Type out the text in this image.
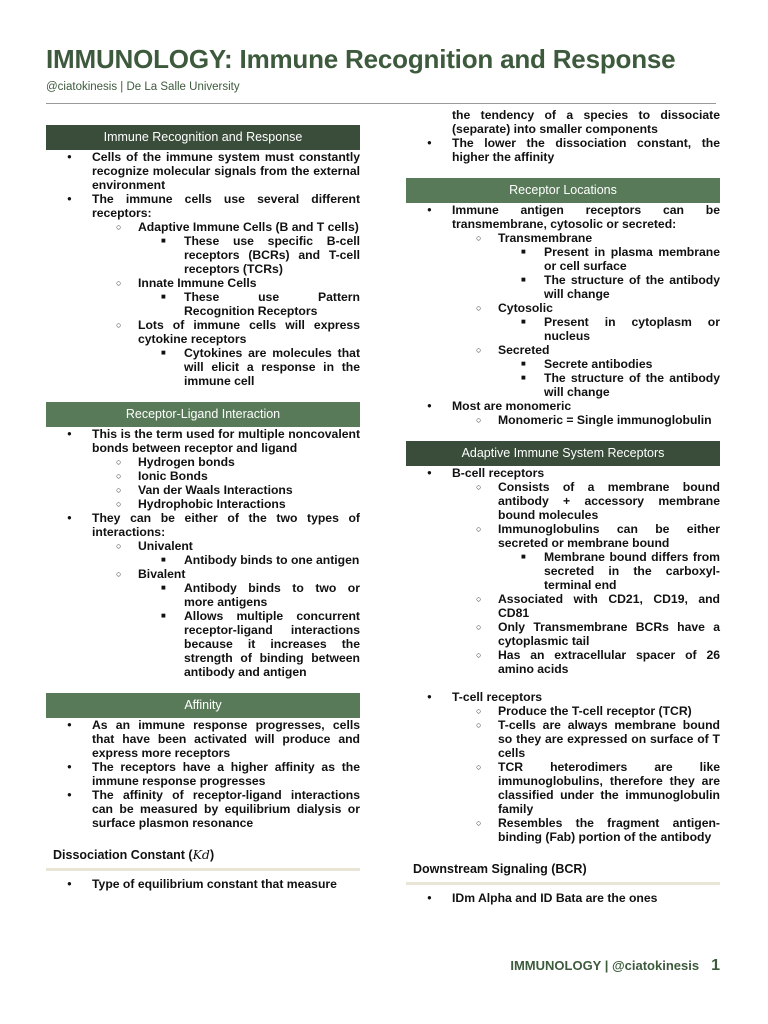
IMMUNOLOGY: Immune Recognition and Response
@ciatokinesis | De La Salle University
Immune Recognition and Response
● Cells of the immune system must constantly recognize molecular signals from the external environment
● The immune cells use several different receptors:
○ Adaptive Immune Cells (B and T cells)
■ These use specific B-cell receptors (BCRs) and T-cell receptors (TCRs)
○ Innate Immune Cells
■ These use Pattern Recognition Receptors
○ Lots of immune cells will express cytokine receptors
■ Cytokines are molecules that will elicit a response in the immune cell
Receptor-Ligand Interaction
● This is the term used for multiple noncovalent bonds between receptor and ligand
○ Hydrogen bonds
○ Ionic Bonds
○ Van der Waals Interactions
○ Hydrophobic Interactions
● They can be either of the two types of interactions:
○ Univalent
■ Antibody binds to one antigen
○ Bivalent
■ Antibody binds to two or more antigens
■ Allows multiple concurrent receptor-ligand interactions because it increases the strength of binding between antibody and antigen
Affinity
● As an immune response progresses, cells that have been activated will produce and express more receptors
● The receptors have a higher affinity as the immune response progresses
● The affinity of receptor-ligand interactions can be measured by equilibrium dialysis or surface plasmon resonance
Dissociation Constant (Kd)
● Type of equilibrium constant that measure
the tendency of a species to dissociate (separate) into smaller components
● The lower the dissociation constant, the higher the affinity
Receptor Locations
● Immune antigen receptors can be transmembrane, cytosolic or secreted:
○ Transmembrane
■ Present in plasma membrane or cell surface
■ The structure of the antibody will change
○ Cytosolic
■ Present in cytoplasm or nucleus
○ Secreted
■ Secrete antibodies
■ The structure of the antibody will change
● Most are monomeric
○ Monomeric = Single immunoglobulin
Adaptive Immune System Receptors
● B-cell receptors
○ Consists of a membrane bound antibody + accessory membrane bound molecules
○ Immunoglobulins can be either secreted or membrane bound
■ Membrane bound differs from secreted in the carboxyl-terminal end
○ Associated with CD21, CD19, and CD81
○ Only Transmembrane BCRs have a cytoplasmic tail
○ Has an extracellular spacer of 26 amino acids
● T-cell receptors
○ Produce the T-cell receptor (TCR)
○ T-cells are always membrane bound so they are expressed on surface of T cells
○ TCR heterodimers are like immunoglobulins, therefore they are classified under the immunoglobulin family
○ Resembles the fragment antigen-binding (Fab) portion of the antibody
Downstream Signaling (BCR)
● IDm Alpha and ID Bata are the ones
IMMUNOLOGY | @ciatokinesis 1
